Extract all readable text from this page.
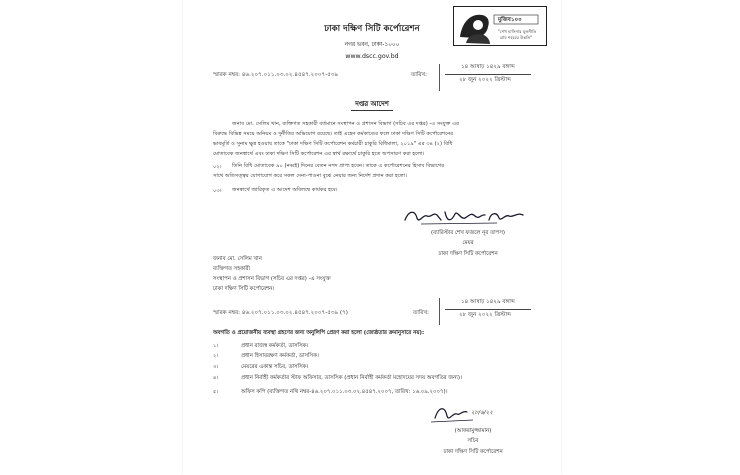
মুজিব১০০
"শেখ হাসিনার মূলনীতি
গ্রাম শহরের উন্নতি"
ঢাকা দক্ষিণ সিটি কর্পোরেশন
নগর ভবন, ঢাকা-১০০০
www.dscc.gov.bd
স্মারক নম্বর: ৪৬.২০৭.০১১.০৩.০২.৪৫৪৭.২০০৭-৫৩৯	তারিখ:
১৪ আষাঢ় ১৪২৯ বঙ্গাব্দ
২৮ জুন ২০২২ খ্রিস্টাব্দ
দপ্তর আদেশ
জনাব মো. সেলিম খান, ব্যক্তিগত সহকারী বর্তমানে সংস্থাপন ও প্রশাসন বিভাগ (সচিব এর দপ্তর) -এ সংযুক্ত এর
বিরুদ্ধে বিভিন্ন সময়ে অনিয়ম ও দুর্নীতির অভিযোগ রয়েছে। তাই এহেন কর্মকাণ্ডের ফলে ঢাকা দক্ষিণ সিটি কর্পোরেশনের
ভাবমূর্তি ও সুনাম ক্ষুন্ন হওয়ায় তাকে "ঢাকা দক্ষিণ সিটি কর্পোরেশন কর্মচারী চাকুরি বিধিমালা, ২০১৯" এর ৩৪ (২) বিধি
মোতাবেক জনস্বার্থে এবং ঢাকা দক্ষিণ সিটি কর্পোরেশন এর স্বার্থ রক্ষার্থে চাকুরি হতে অপসারণ করা হলো।
০২। তিনি বিধি মোতাবেক ৯০ (নব্বই) দিনের বেতন নগদ প্রাপ্য হবেন। তাকে এ কর্পোরেশনের হিসাব বিভাগের
সাথে অতিসত্ত্বর যোগাযোগ করে সকল দেনা-পাওনা বুঝে নেয়ার জন্য নির্দেশ প্রদান করা হলো।
০৩। জনস্বার্থে জারিকৃত এ আদেশ অবিলম্বে কার্যকর হবে।
(ব্যারিস্টার শেখ ফজলে নূর তাপস)
মেয়র
ঢাকা দক্ষিণ সিটি কর্পোরেশন
জনাব মো. সেলিম খান
ব্যক্তিগত সহকারী
সংস্থাপন ও প্রশাসন বিভাগ (সচিব এর দপ্তর) -এ সংযুক্ত
ঢাকা দক্ষিণ সিটি কর্পোরেশন।
স্মারক নম্বর: ৪৬.২০৭.০১১.০৩.০২.৪৫৪৭.২০০৭-৫৩৯ (৭)	তারিখ:
১৪ আষাঢ় ১৪২৯ বঙ্গাব্দ
২৮ জুন ২০২২ খ্রিস্টাব্দ
অবগতি ও প্রয়োজনীয় ব্যবস্থা গ্রহণের জন্য অনুলিপি প্রেরণ করা হলো (জ্যেষ্ঠতার ক্রমানুসারে নয়):
১।	প্রধান রাজস্ব কর্মকর্তা, ডাসসিক।
২।	প্রধান হিসাবরক্ষণ কর্মকর্তা, ডাসসিক।
৩।	মেয়রের একান্ত সচিব, ডাসসিক।
৪।	প্রধান নির্বাহী কর্মকর্তার স্টাফ অফিসার, ডাসসিক (প্রধান নির্বাহী কর্মকর্তা মহোদয়ের সদয় অবগতির জন্য)।
৫।	অফিস কপি (ব্যক্তিগত নথি নম্বর-৪৬.২০৭.০১১.০৩.০২.৪৫৪৭.২০০৭, তারিখ: ১৬.০৯.২০০৭)।
২৮/৬/২২
(আকরামুজ্জামান)
সচিব
ঢাকা দক্ষিণ সিটি কর্পোরেশন
